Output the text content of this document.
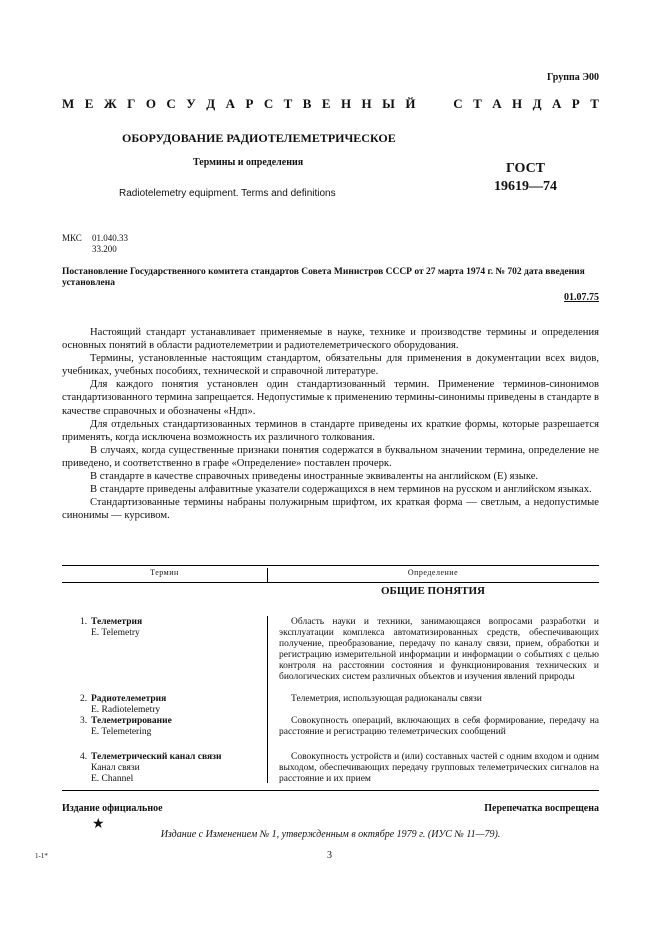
Группа Э00
М Е Ж Г О С У Д А Р С Т В Е Н Н Ы Й

	С Т А Н Д А Р Т
ОБОРУДОВАНИЕ РАДИОТЕЛЕМЕТРИЧЕСКОЕ
Термины и определения
Radiotelemetry equipment. Terms and definitions
ГОСТ
19619—74
МКС 01.040.33
33.200
Постановление Государственного комитета стандартов Совета Министров СССР от 27 марта 1974 г. № 702 дата введения установлена
01.07.75

Настоящий стандарт устанавливает применяемые в науке, технике и производстве термины и определения основных понятий в области радиотелеметрии и радиотелеметрического оборудования.

Термины, установленные настоящим стандартом, обязательны для применения в документации всех видов, учебниках, учебных пособиях, технической и справочной литературе.

Для каждого понятия установлен один стандартизованный термин. Применение терминов-синонимов стандартизованного термина запрещается. Недопустимые к применению термины-синонимы приведены в стандарте в качестве справочных и обозначены «Ндп».

Для отдельных стандартизованных терминов в стандарте приведены их краткие формы, которые разрешается применять, когда исключена возможность их различного толкования.

В случаях, когда существенные признаки понятия содержатся в буквальном значении термина, определение не приведено, и соответственно в графе «Определение» поставлен прочерк.

В стандарте в качестве справочных приведены иностранные эквиваленты на английском (Е) языке.

В стандарте приведены алфавитные указатели содержащихся в нем терминов на русском и английском языках.

Стандартизованные термины набраны полужирным шрифтом, их краткая форма — светлым, а недопустимые синонимы — курсивом.

Термин	Определение
ОБЩИЕ ПОНЯТИЯ
1. Телеметрия
E. Telemetry
Область науки и техники, занимающаяся вопросами разработки и эксплуатации комплекса автоматизированных средств, обеспечивающих получение, преобразование, передачу по каналу связи, прием, обработки и регистрацию измерительной информации и информации о событиях с целью контроля на расстоянии состояния и функционирования технических и биологических систем различных объектов и изучения явлений природы
2. Радиотелеметрия
E. Radiotelemetry
Телеметрия, использующая радиоканалы связи
3. Телеметрирование
E. Telemetering
Совокупность операций, включающих в себя формирование, передачу на расстояние и регистрацию телеметрических сообщений
4. Телеметрический канал связи
Канал связи
E. Channel
Совокупность устройств и (или) составных частей с одним входом и одним выходом, обеспечивающих передачу групповых телеметрических сигналов на расстояние и их прием
Издание официальное	Перепечатка воспрещена
★
Издание с Изменением № 1, утвержденным в октябре 1979 г. (ИУС № 11—79).
1-1*	3
